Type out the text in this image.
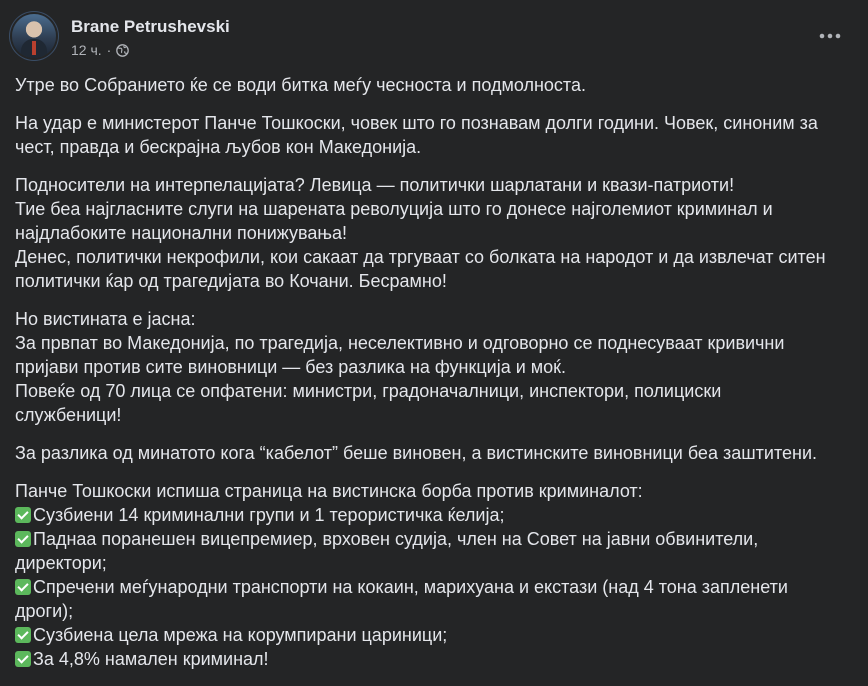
Brane Petrushevski
12 ч. ·
Утре во Собранието ќе се води битка меѓу чесноста и подмолноста.
На удар е министерот Панче Тошкоски, човек што го познавам долги години. Човек, синоним за
чест, правда и бескрајна љубов кон Македонија.
Подносители на интерпелацијата? Левица — политички шарлатани и квази-патриоти!
Тие беа најгласните слуги на шарената револуција што го донесе најголемиот криминал и
најдлабоките национални понижувања!
Денес, политички некрофили, кои сакаат да тргуваат со болката на народот и да извлечат ситен
политички ќар од трагедијата во Кочани. Бесрамно!
Но вистината е јасна:
За првпат во Македонија, по трагедија, неселективно и одговорно се поднесуваат кривични
пријави против сите виновници — без разлика на функција и моќ.
Повеќе од 70 лица се опфатени: министри, градоначалници, инспектори, полициски
службеници!
За разлика од минатото кога “кабелот” беше виновен, а вистинските виновници беа заштитени.
Панче Тошкоски испиша страница на вистинска борба против криминалот:
Сузбиени 14 криминални групи и 1 терористичка ќелија;
Паднаа поранешен вицепремиер, врховен судија, член на Совет на јавни обвинители,
директори;
Спречени меѓународни транспорти на кокаин, марихуана и екстази (над 4 тона запленети
дроги);
Сузбиена цела мрежа на корумпирани цариници;
За 4,8% намален криминал!
